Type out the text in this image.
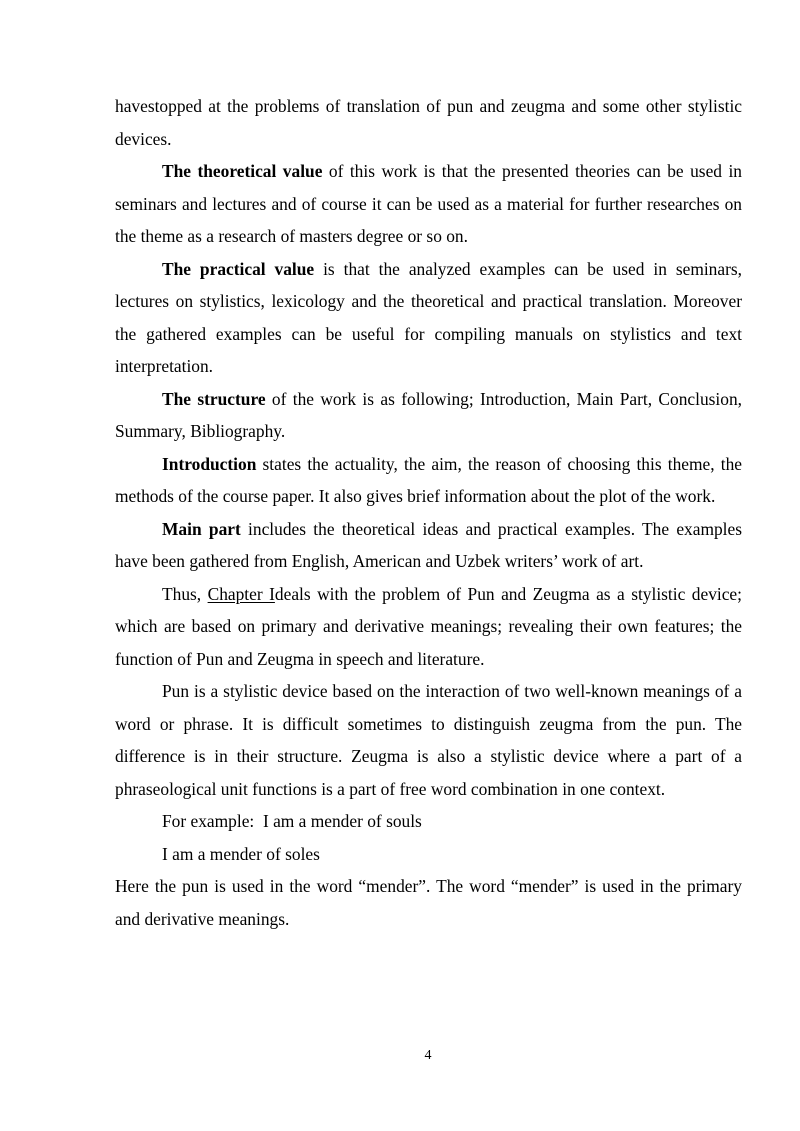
havestopped at the problems of translation of pun and zeugma and some other stylistic devices.

The theoretical value of this work is that the presented theories can be used in seminars and lectures and of course it can be used as a material for further researches on the theme as a research of masters degree or so on.

The practical value is that the analyzed examples can be used in seminars, lectures on stylistics, lexicology and the theoretical and practical translation. Moreover the gathered examples can be useful for compiling manuals on stylistics and text interpretation.

The structure of the work is as following; Introduction, Main Part, Conclusion, Summary, Bibliography.

Introduction states the actuality, the aim, the reason of choosing this theme, the methods of the course paper. It also gives brief information about the plot of the work.

Main part includes the theoretical ideas and practical examples. The examples have been gathered from English, American and Uzbek writers’ work of art.

Thus, Chapter Ideals with the problem of Pun and Zeugma as a stylistic device; which are based on primary and derivative meanings; revealing their own features; the function of Pun and Zeugma in speech and literature.

Pun is a stylistic device based on the interaction of two well-known meanings of a word or phrase. It is difficult sometimes to distinguish zeugma from the pun. The difference is in their structure. Zeugma is also a stylistic device where a part of a phraseological unit functions is a part of free word combination in one context.

For example:  I am a mender of souls

I am a mender of soles

Here the pun is used in the word “mender”. The word “mender” is used in the primary and derivative meanings.

4
